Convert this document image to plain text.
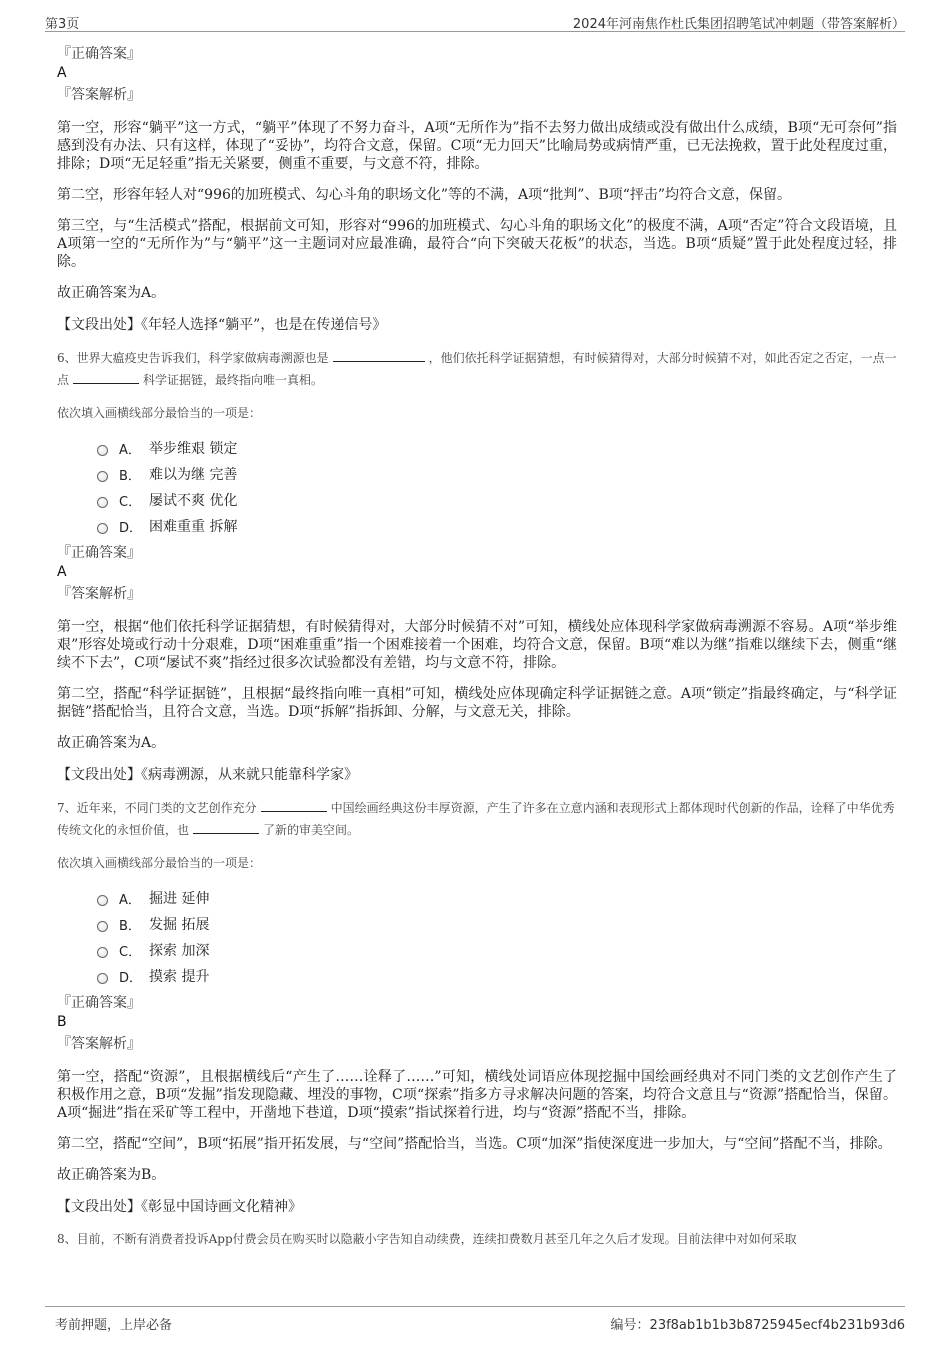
第3页	2024年河南焦作杜氏集团招聘笔试冲刺题（带答案解析）
『正确答案』
A
『答案解析』

第一空，形容“躺平”这一方式，“躺平”体现了不努力奋斗，A项“无所作为”指不去努力做出成绩或没有做出什么成绩，B项“无可奈何”指感到没有办法、只有这样，体现了“妥协”，均符合文意，保留。C项“无力回天”比喻局势或病情严重，已无法挽救，置于此处程度过重，排除；D项“无足轻重”指无关紧要，侧重不重要，与文意不符，排除。

第二空，形容年轻人对“996的加班模式、勾心斗角的职场文化”等的不满，A项“批判”、B项“抨击”均符合文意，保留。

第三空，与“生活模式”搭配，根据前文可知，形容对“996的加班模式、勾心斗角的职场文化”的极度不满，A项“否定”符合文段语境，且A项第一空的“无所作为”与“躺平”这一主题词对应最准确，最符合“向下突破天花板”的状态，当选。B项“质疑”置于此处程度过轻，排除。

故正确答案为A。

【文段出处】《年轻人选择“躺平”，也是在传递信号》

6、世界大瘟疫史告诉我们，科学家做病毒溯源也是	，他们依托科学证据猜想，有时候猜得对，大部分时候猜不对，如此否定之否定，一点一点	科学证据链，最终指向唯一真相。

依次填入画横线部分最恰当的一项是：

A． 举步维艰 锁定
B． 难以为继 完善
C． 屡试不爽 优化
D． 困难重重 拆解
『正确答案』
A
『答案解析』

第一空，根据“他们依托科学证据猜想，有时候猜得对，大部分时候猜不对”可知，横线处应体现科学家做病毒溯源不容易。A项“举步维艰”形容处境或行动十分艰难，D项“困难重重”指一个困难接着一个困难，均符合文意，保留。B项“难以为继”指难以继续下去，侧重“继续不下去”，C项“屡试不爽”指经过很多次试验都没有差错，均与文意不符，排除。

第二空，搭配“科学证据链”，且根据“最终指向唯一真相”可知，横线处应体现确定科学证据链之意。A项“锁定”指最终确定，与“科学证据链”搭配恰当，且符合文意，当选。D项“拆解”指拆卸、分解，与文意无关，排除。

故正确答案为A。

【文段出处】《病毒溯源，从来就只能靠科学家》

7、近年来，不同门类的文艺创作充分	中国绘画经典这份丰厚资源，产生了许多在立意内涵和表现形式上都体现时代创新的作品，诠释了中华优秀传统文化的永恒价值，也	了新的审美空间。

依次填入画横线部分最恰当的一项是：

A． 掘进 延伸
B． 发掘 拓展
C． 探索 加深
D． 摸索 提升
『正确答案』
B
『答案解析』

第一空，搭配“资源”，且根据横线后“产生了……诠释了……”可知，横线处词语应体现挖掘中国绘画经典对不同门类的文艺创作产生了积极作用之意，B项“发掘”指发现隐藏、埋没的事物，C项“探索”指多方寻求解决问题的答案，均符合文意且与“资源”搭配恰当，保留。A项“掘进”指在采矿等工程中，开凿地下巷道，D项“摸索”指试探着行进，均与“资源”搭配不当，排除。

第二空，搭配“空间”，B项“拓展”指开拓发展，与“空间”搭配恰当，当选。C项“加深”指使深度进一步加大，与“空间”搭配不当，排除。

故正确答案为B。

【文段出处】《彰显中国诗画文化精神》

8、目前，不断有消费者投诉App付费会员在购买时以隐蔽小字告知自动续费，连续扣费数月甚至几年之久后才发现。目前法律中对如何采取

考前押题，上岸必备	编号：23f8ab1b1b3b8725945ecf4b231b93d6
